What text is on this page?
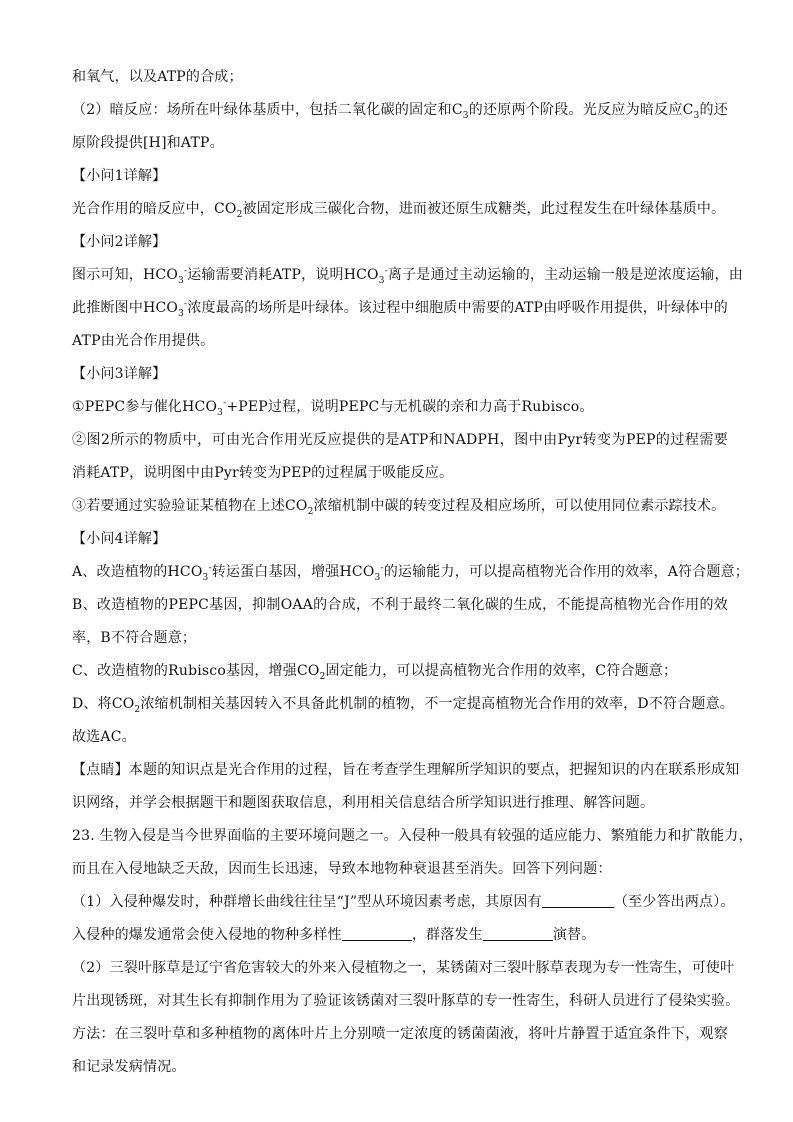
和氧气，以及ATP的合成；
（2）暗反应：场所在叶绿体基质中，包括二氧化碳的固定和$C_3$的还原两个阶段。光反应为暗反应$C_3$的还
原阶段提供[H]和ATP。
【小问1详解】
光合作用的暗反应中，$CO_2$被固定形成三碳化合物，进而被还原生成糖类，此过程发生在叶绿体基质中。
【小问2详解】
图示可知，$HCO_3^-$运输需要消耗ATP，说明$HCO_3^-$离子是通过主动运输的，主动运输一般是逆浓度运输，由
此推断图中$HCO_3^-$浓度最高的场所是叶绿体。该过程中细胞质中需要的ATP由呼吸作用提供，叶绿体中的
ATP由光合作用提供。
【小问3详解】
①PEPC参与催化$HCO_3^-+PEP$过程，说明PEPC与无机碳的亲和力高于Rubisco。
②图2所示的物质中，可由光合作用光反应提供的是ATP和NADPH，图中由Pyr转变为PEP的过程需要
消耗ATP，说明图中由Pyr转变为PEP的过程属于吸能反应。
③若要通过实验验证某植物在上述$CO_2$浓缩机制中碳的转变过程及相应场所，可以使用同位素示踪技术。
【小问4详解】
A、改造植物的$HCO_3^-$转运蛋白基因，增强$HCO_3^-$的运输能力，可以提高植物光合作用的效率，A符合题意；
B、改造植物的PEPC基因，抑制OAA的合成，不利于最终二氧化碳的生成，不能提高植物光合作用的效
率，B不符合题意；
C、改造植物的Rubisco基因，增强$CO_2$固定能力，可以提高植物光合作用的效率，C符合题意；
D、将$CO_2$浓缩机制相关基因转入不具备此机制的植物，不一定提高植物光合作用的效率，D不符合题意。
故选AC。
【点睛】本题的知识点是光合作用的过程，旨在考查学生理解所学知识的要点，把握知识的内在联系形成知
识网络，并学会根据题干和题图获取信息，利用相关信息结合所学知识进行推理、解答问题。
23. 生物入侵是当今世界面临的主要环境问题之一。入侵种一般具有较强的适应能力、繁殖能力和扩散能力，
而且在入侵地缺乏天敌，因而生长迅速，导致本地物种衰退甚至消失。回答下列问题：
（1）入侵种爆发时，种群增长曲线往往呈“J”型从环境因素考虑，其原因有	（至少答出两点）。
入侵种的爆发通常会使入侵地的物种多样性	，群落发生	演替。
（2）三裂叶豚草是辽宁省危害较大的外来入侵植物之一，某锈菌对三裂叶豚草表现为专一性寄生，可使叶
片出现锈斑，对其生长有抑制作用为了验证该锈菌对三裂叶豚草的专一性寄生，科研人员进行了侵染实验。
方法：在三裂叶草和多种植物的离体叶片上分别喷一定浓度的锈菌菌液，将叶片静置于适宜条件下，观察
和记录发病情况。
